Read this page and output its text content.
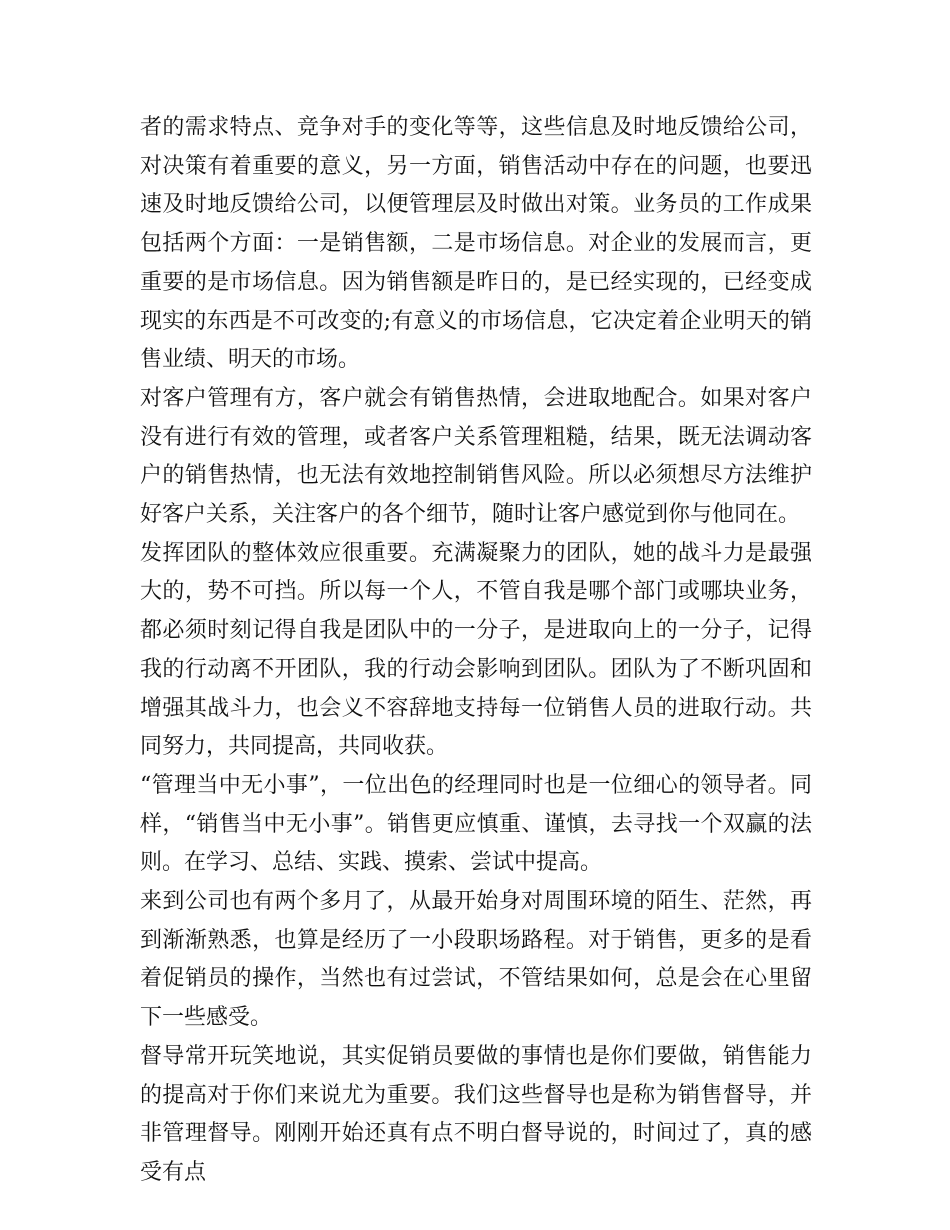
者的需求特点、竞争对手的变化等等，这些信息及时地反馈给公司，对决策有着重要的意义，另一方面，销售活动中存在的问题，也要迅速及时地反馈给公司，以便管理层及时做出对策。业务员的工作成果包括两个方面：一是销售额，二是市场信息。对企业的发展而言，更重要的是市场信息。因为销售额是昨日的，是已经实现的，已经变成现实的东西是不可改变的;有意义的市场信息，它决定着企业明天的销售业绩、明天的市场。

对客户管理有方，客户就会有销售热情，会进取地配合。如果对客户没有进行有效的管理，或者客户关系管理粗糙，结果，既无法调动客户的销售热情，也无法有效地控制销售风险。所以必须想尽方法维护好客户关系，关注客户的各个细节，随时让客户感觉到你与他同在。

发挥团队的整体效应很重要。充满凝聚力的团队，她的战斗力是最强大的，势不可挡。所以每一个人，不管自我是哪个部门或哪块业务，都必须时刻记得自我是团队中的一分子，是进取向上的一分子，记得我的行动离不开团队，我的行动会影响到团队。团队为了不断巩固和增强其战斗力，也会义不容辞地支持每一位销售人员的进取行动。共同努力，共同提高，共同收获。

“管理当中无小事”，一位出色的经理同时也是一位细心的领导者。同样，“销售当中无小事”。销售更应慎重、谨慎，去寻找一个双赢的法则。在学习、总结、实践、摸索、尝试中提高。

来到公司也有两个多月了，从最开始身对周围环境的陌生、茫然，再到渐渐熟悉，也算是经历了一小段职场路程。对于销售，更多的是看着促销员的操作，当然也有过尝试，不管结果如何，总是会在心里留下一些感受。

督导常开玩笑地说，其实促销员要做的事情也是你们要做，销售能力的提高对于你们来说尤为重要。我们这些督导也是称为销售督导，并非管理督导。刚刚开始还真有点不明白督导说的，时间过了，真的感受有点
